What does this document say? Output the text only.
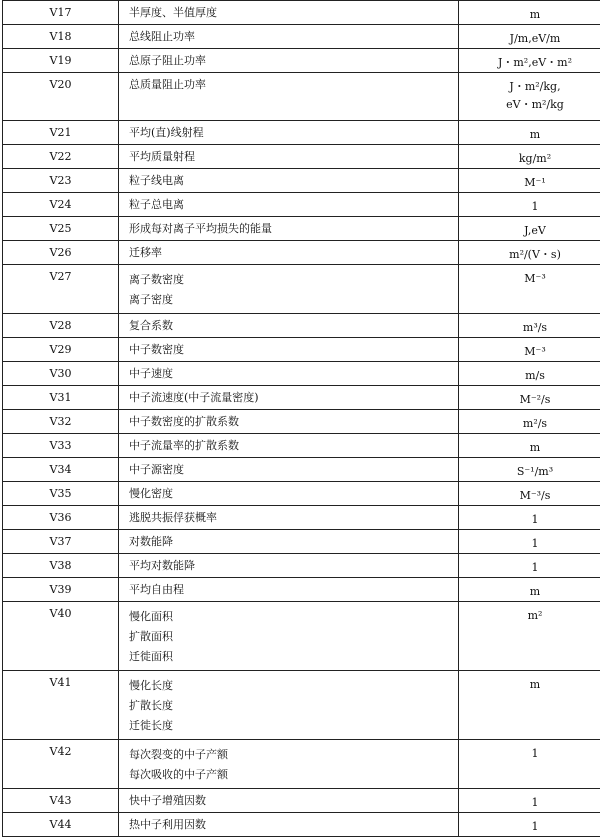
V17	半厚度、半值厚度	m

V18	总线阻止功率	J/m,eV/m

V19	总原子阻止功率	J・m²,eV・m²

V20	总质量阻止功率	J・m²/kg,
eV・m²/kg

V21	平均(直)线射程	m

V22	平均质量射程	kg/m²

V23	粒子线电离	M⁻¹

V24	粒子总电离	1

V25	形成每对离子平均损失的能量	J,eV

V26	迁移率	m²/(V・s)

V27	离子数密度
离子密度	M⁻³

V28	复合系数	m³/s

V29	中子数密度	M⁻³

V30	中子速度	m/s

V31	中子流速度(中子流量密度)	M⁻²/s

V32	中子数密度的扩散系数	m²/s

V33	中子流量率的扩散系数	m

V34	中子源密度	S⁻¹/m³

V35	慢化密度	M⁻³/s

V36	逃脱共振俘获概率	1

V37	对数能降	1

V38	平均对数能降	1

V39	平均自由程	m

V40	慢化面积
扩散面积
迁徙面积	m²

V41	慢化长度
扩散长度
迁徙长度	m

V42	每次裂变的中子产额
每次吸收的中子产额	1

V43	快中子增殖因数	1

V44	热中子利用因数	1
